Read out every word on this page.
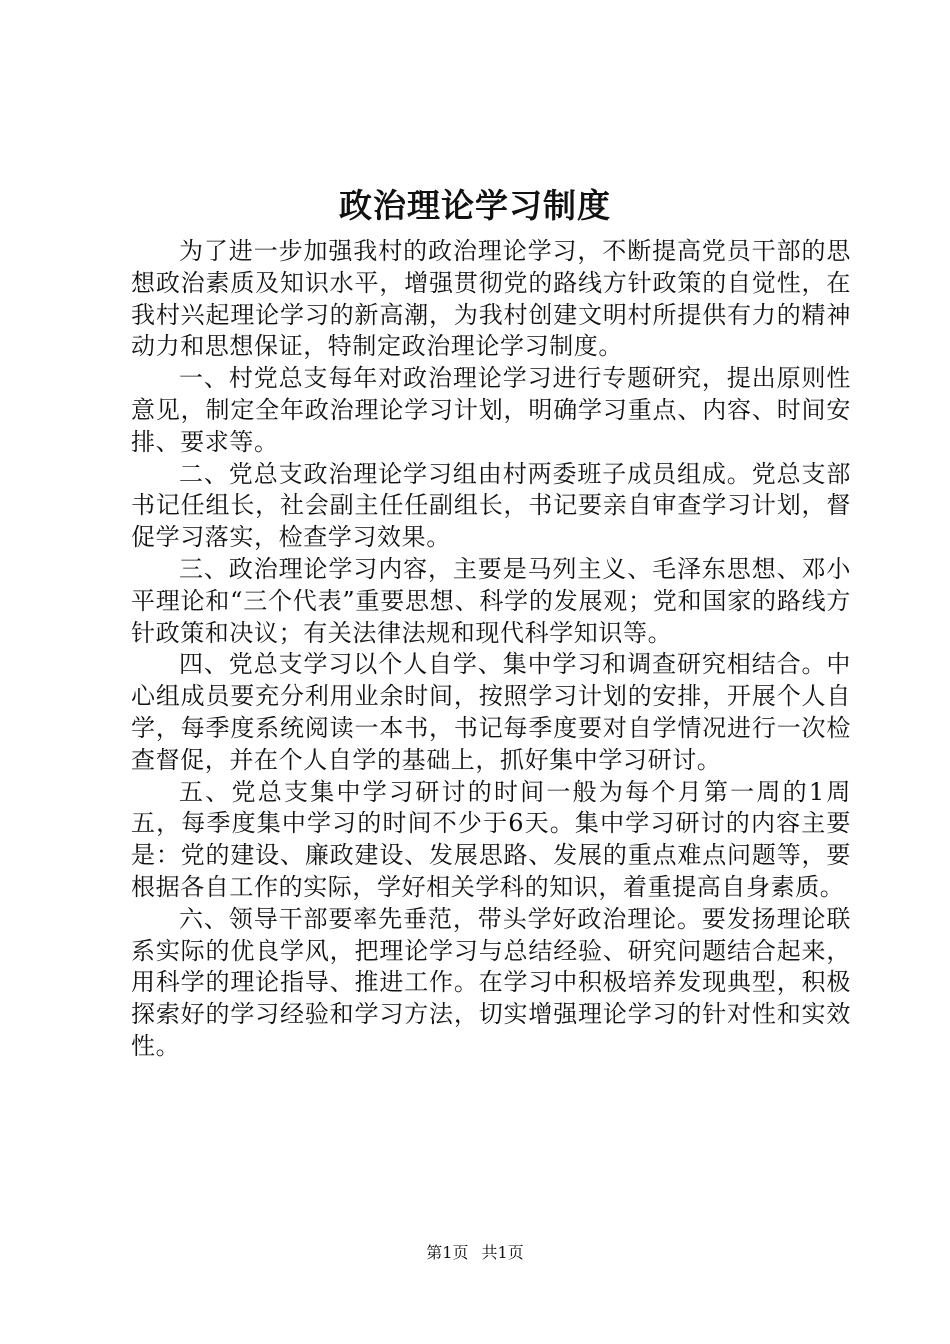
政治理论学习制度

为了进一步加强我村的政治理论学习，不断提高党员干部的思想政治素质及知识水平，增强贯彻党的路线方针政策的自觉性，在我村兴起理论学习的新高潮，为我村创建文明村所提供有力的精神动力和思想保证，特制定政治理论学习制度。

一、村党总支每年对政治理论学习进行专题研究，提出原则性意见，制定全年政治理论学习计划，明确学习重点、内容、时间安排、要求等。

二、党总支政治理论学习组由村两委班子成员组成。党总支部书记任组长，社会副主任任副组长，书记要亲自审查学习计划，督促学习落实，检查学习效果。

三、政治理论学习内容，主要是马列主义、毛泽东思想、邓小平理论和“三个代表”重要思想、科学的发展观；党和国家的路线方针政策和决议；有关法律法规和现代科学知识等。

四、党总支学习以个人自学、集中学习和调查研究相结合。中心组成员要充分利用业余时间，按照学习计划的安排，开展个人自学，每季度系统阅读一本书，书记每季度要对自学情况进行一次检查督促，并在个人自学的基础上，抓好集中学习研讨。

五、党总支集中学习研讨的时间一般为每个月第一周的1周五，每季度集中学习的时间不少于6天。集中学习研讨的内容主要是：党的建设、廉政建设、发展思路、发展的重点难点问题等，要根据各自工作的实际，学好相关学科的知识，着重提高自身素质。

六、领导干部要率先垂范，带头学好政治理论。要发扬理论联系实际的优良学风，把理论学习与总结经验、研究问题结合起来，用科学的理论指导、推进工作。在学习中积极培养发现典型，积极探索好的学习经验和学习方法，切实增强理论学习的针对性和实效性。

第1页 共1页
